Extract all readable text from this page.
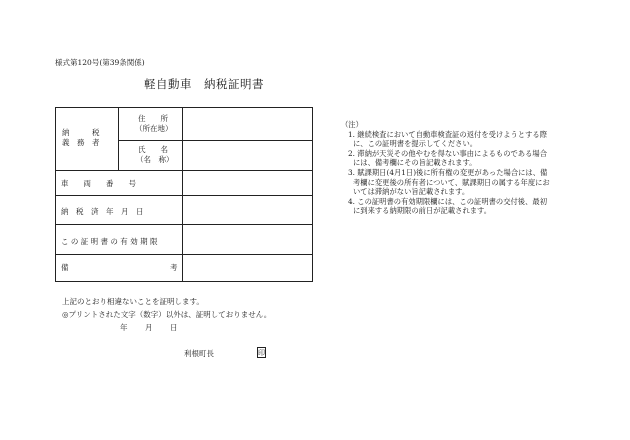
様式第120号(第39条関係)
軽自動車　納税証明書
納　　　税
義　務　者
住　　所
（所在地）
氏　　名
（名　称）
車　　両　　番　　号
納　税　済　年　月　日
こ の 証 明 書 の 有 効 期 限
備	考
（注）
1. 継続検査において自動車検査証の返付を受けようとする際
に、この証明書を提示してください。
2. 滞納が天災その他やむを得ない事由によるものである場合
には、備考欄にその旨記載されます。
3. 賦課期日(4月1日)後に所有権の変更があった場合には、備
考欄に変更後の所有者について、賦課期日の属する年度にお
いては滞納がない旨記載されます。
4. この証明書の有効期限欄には、この証明書の交付後、最初
に到来する納期限の前日が記載されます。
上記のとおり相違ないことを証明します。
◎プリントされた文字（数字）以外は、証明しておりません。
年 月 日
利根町長	印
